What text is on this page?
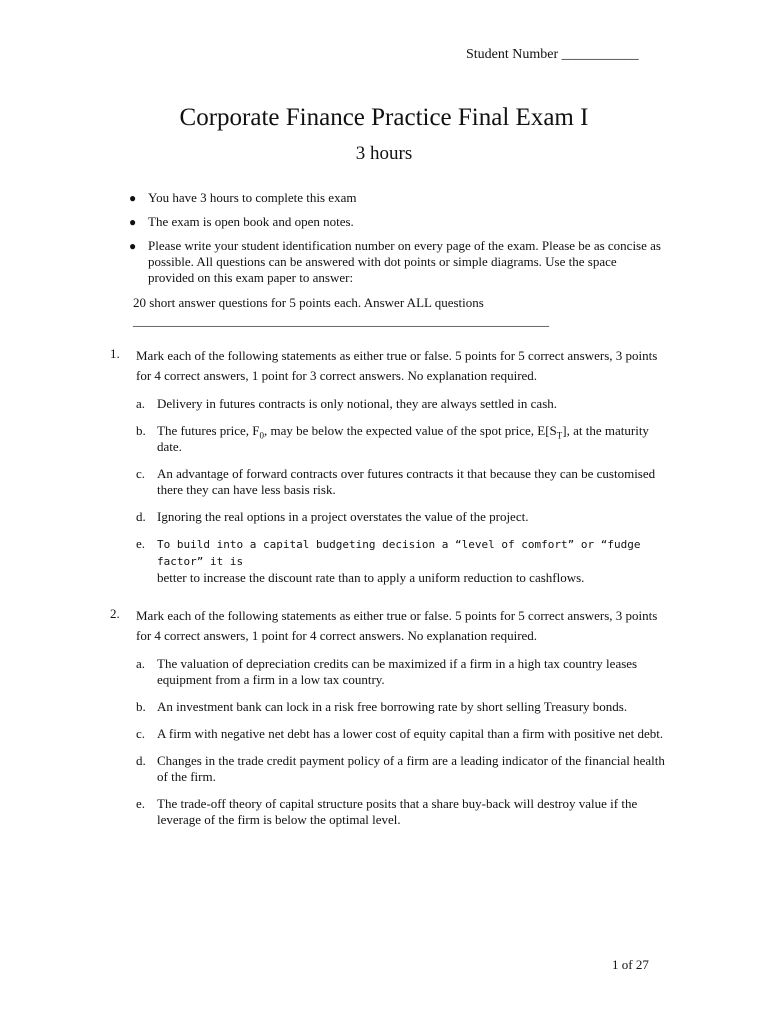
Student Number ___________
Corporate Finance Practice Final Exam I
3 hours
● You have 3 hours to complete this exam
● The exam is open book and open notes.
● Please write your student identification number on every page of the exam. Please be as concise as possible. All questions can be answered with dot points or simple diagrams. Use the space provided on this exam paper to answer:
20 short answer questions for 5 points each. Answer ALL questions
________________________________________________________________
1. Mark each of the following statements as either true or false. 5 points for 5 correct answers, 3 points for 4 correct answers, 1 point for 3 correct answers. No explanation required.
a. Delivery in futures contracts is only notional, they are always settled in cash.
b. The futures price, $F_0$, may be below the expected value of the spot price, $E[S_T]$, at the maturity date.
c. An advantage of forward contracts over futures contracts it that because they can be customised there they can have less basis risk.
d. Ignoring the real options in a project overstates the value of the project.
e. To build into a capital budgeting decision a “level of comfort” or “fudge factor” it is
better to increase the discount rate than to apply a uniform reduction to cashflows.
2. Mark each of the following statements as either true or false. 5 points for 5 correct answers, 3 points for 4 correct answers, 1 point for 4 correct answers. No explanation required.
a. The valuation of depreciation credits can be maximized if a firm in a high tax country leases equipment from a firm in a low tax country.
b. An investment bank can lock in a risk free borrowing rate by short selling Treasury bonds.
c. A firm with negative net debt has a lower cost of equity capital than a firm with positive net debt.
d. Changes in the trade credit payment policy of a firm are a leading indicator of the financial health of the firm.
e. The trade-off theory of capital structure posits that a share buy-back will destroy value if the leverage of the firm is below the optimal level.
1 of 27
